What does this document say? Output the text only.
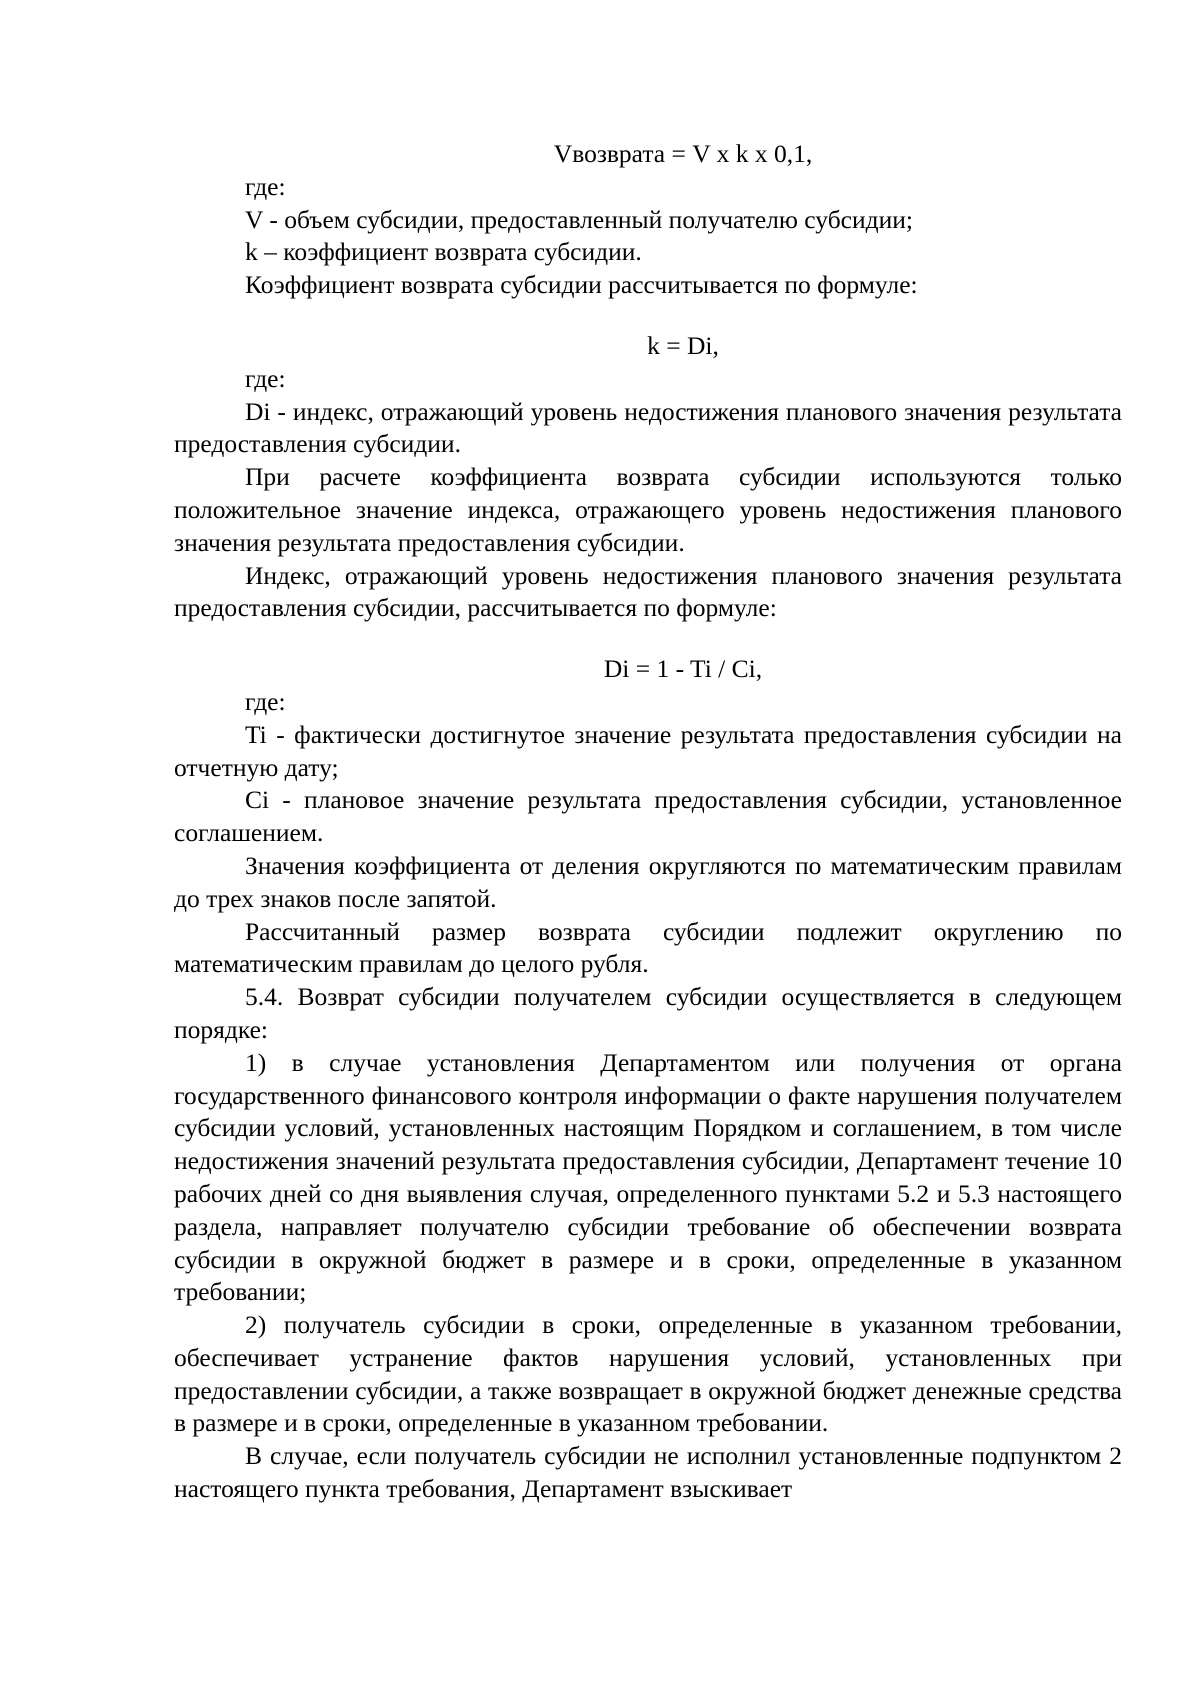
Vвозврата = V x k x 0,1,

где:

V - объем субсидии, предоставленный получателю субсидии;

k – коэффициент возврата субсидии.

Коэффициент возврата субсидии рассчитывается по формуле:

k = Di,

где:

Di - индекс, отражающий уровень недостижения планового значения результата предоставления субсидии.

При расчете коэффициента возврата субсидии используются только положительное значение индекса, отражающего уровень недостижения планового значения результата предоставления субсидии.

Индекс, отражающий уровень недостижения планового значения результата предоставления субсидии, рассчитывается по формуле:

Di = 1 - Ti / Ci,

где:

Ti - фактически достигнутое значение результата предоставления субсидии на отчетную дату;

Ci - плановое значение результата предоставления субсидии, установленное соглашением.

Значения коэффициента от деления округляются по математическим правилам до трех знаков после запятой.

Рассчитанный размер возврата субсидии подлежит округлению по математическим правилам до целого рубля.

5.4. Возврат субсидии получателем субсидии осуществляется в следующем порядке:

1) в случае установления Департаментом или получения от органа государственного финансового контроля информации о факте нарушения получателем субсидии условий, установленных настоящим Порядком и соглашением, в том числе недостижения значений результата предоставления субсидии, Департамент течение 10 рабочих дней со дня выявления случая, определенного пунктами 5.2 и 5.3 настоящего раздела, направляет получателю субсидии требование об обеспечении возврата субсидии в окружной бюджет в размере и в сроки, определенные в указанном требовании;

2) получатель субсидии в сроки, определенные в указанном требовании, обеспечивает устранение фактов нарушения условий, установленных при предоставлении субсидии, а также возвращает в окружной бюджет денежные средства в размере и в сроки, определенные в указанном требовании.

В случае, если получатель субсидии не исполнил установленные подпунктом 2 настоящего пункта требования, Департамент взыскивает
